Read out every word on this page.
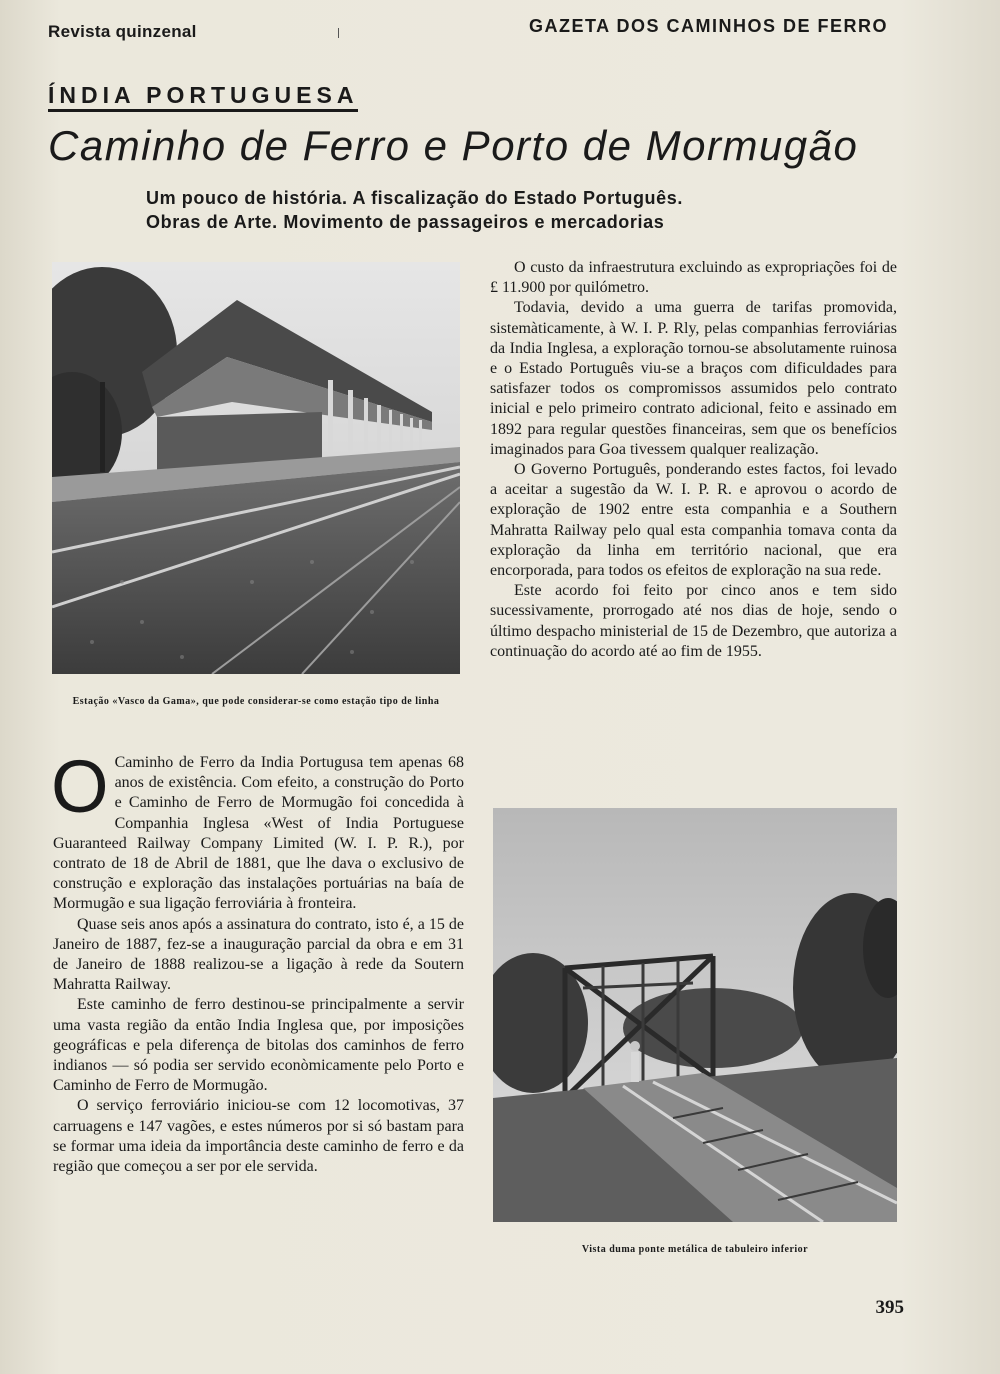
Revista quinzenal	GAZETA DOS CAMINHOS DE FERRO
ÍNDIA PORTUGUESA
Caminho de Ferro e Porto de Mormugão
Um pouco de história. A fiscalização do Estado Português.
Obras de Arte. Movimento de passageiros e mercadorias
Estação «Vasco da Gama», que pode considerar-se como estação tipo de linha
O Caminho de Ferro da India Portugusa tem apenas 68 anos de existência. Com efeito, a construção do Porto e Caminho de Ferro de Mormugão foi concedida à Companhia Inglesa «West of India Portuguese Guaranteed Railway Company Limited (W. I. P. R.), por contrato de 18 de Abril de 1881, que lhe dava o exclusivo de construção e exploração das instalações portuárias na baía de Mormugão e sua ligação ferroviária à fronteira.

Quase seis anos após a assinatura do contrato, isto é, a 15 de Janeiro de 1887, fez-se a inauguração parcial da obra e em 31 de Janeiro de 1888 realizou-se a ligação à rede da Soutern Mahratta Railway.

Este caminho de ferro destinou-se principalmente a servir uma vasta região da então India Inglesa que, por imposições geográficas e pela diferença de bitolas dos caminhos de ferro indianos — só podia ser servido econòmicamente pelo Porto e Caminho de Ferro de Mormugão.

O serviço ferroviário iniciou-se com 12 locomotivas, 37 carruagens e 147 vagões, e estes números por si só bastam para se formar uma ideia da importância deste caminho de ferro e da região que começou a ser por ele servida.

O custo da infraestrutura excluindo as expropriações foi de £ 11.900 por quilómetro.

Todavia, devido a uma guerra de tarifas promovida, sistemàticamente, à W. I. P. Rly, pelas companhias ferroviárias da India Inglesa, a exploração tornou-se absolutamente ruinosa e o Estado Português viu-se a braços com dificuldades para satisfazer todos os compromissos assumidos pelo contrato inicial e pelo primeiro contrato adicional, feito e assinado em 1892 para regular questões financeiras, sem que os benefícios imaginados para Goa tivessem qualquer realização.

O Governo Português, ponderando estes factos, foi levado a aceitar a sugestão da W. I. P. R. e aprovou o acordo de exploração de 1902 entre esta companhia e a Southern Mahratta Railway pelo qual esta companhia tomava conta da exploração da linha em território nacional, que era encorporada, para todos os efeitos de exploração na sua rede.

Este acordo foi feito por cinco anos e tem sido sucessivamente, prorrogado até nos dias de hoje, sendo o último despacho ministerial de 15 de Dezembro, que autoriza a continuação do acordo até ao fim de 1955.

Vista duma ponte metálica de tabuleiro inferior
395
